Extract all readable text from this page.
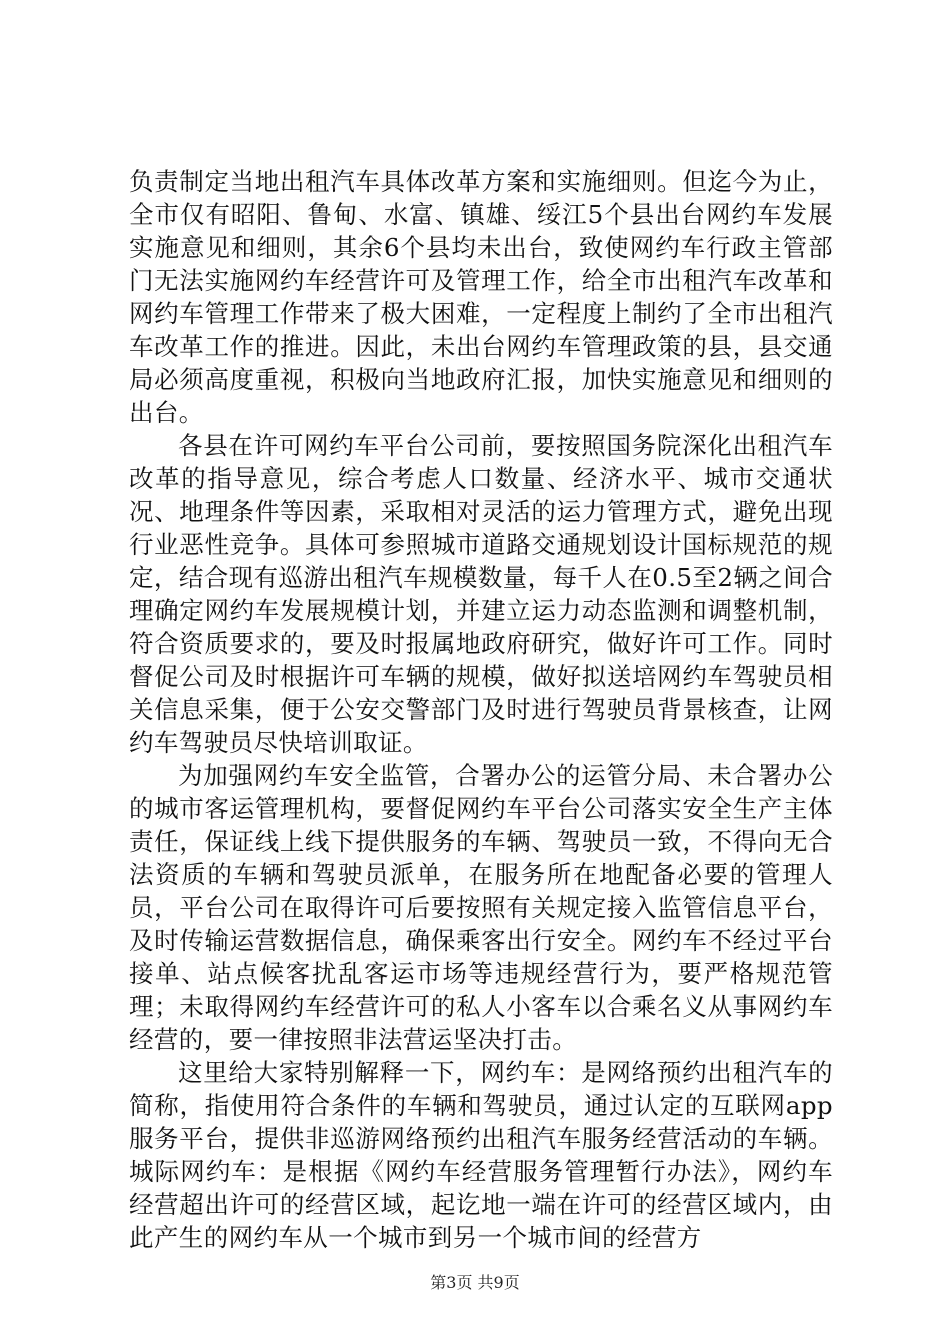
负责制定当地出租汽车具体改革方案和实施细则。但迄今为止，全市仅有昭阳、鲁甸、水富、镇雄、绥江5个县出台网约车发展实施意见和细则，其余6个县均未出台，致使网约车行政主管部门无法实施网约车经营许可及管理工作，给全市出租汽车改革和网约车管理工作带来了极大困难，一定程度上制约了全市出租汽车改革工作的推进。因此，未出台网约车管理政策的县，县交通局必须高度重视，积极向当地政府汇报，加快实施意见和细则的出台。

各县在许可网约车平台公司前，要按照国务院深化出租汽车改革的指导意见，综合考虑人口数量、经济水平、城市交通状况、地理条件等因素，采取相对灵活的运力管理方式，避免出现行业恶性竞争。具体可参照城市道路交通规划设计国标规范的规定，结合现有巡游出租汽车规模数量，每千人在0.5至2辆之间合理确定网约车发展规模计划，并建立运力动态监测和调整机制，符合资质要求的，要及时报属地政府研究，做好许可工作。同时督促公司及时根据许可车辆的规模，做好拟送培网约车驾驶员相关信息采集，便于公安交警部门及时进行驾驶员背景核查，让网约车驾驶员尽快培训取证。

为加强网约车安全监管，合署办公的运管分局、未合署办公的城市客运管理机构，要督促网约车平台公司落实安全生产主体责任，保证线上线下提供服务的车辆、驾驶员一致，不得向无合法资质的车辆和驾驶员派单，在服务所在地配备必要的管理人员，平台公司在取得许可后要按照有关规定接入监管信息平台，及时传输运营数据信息，确保乘客出行安全。网约车不经过平台接单、站点候客扰乱客运市场等违规经营行为，要严格规范管理；未取得网约车经营许可的私人小客车以合乘名义从事网约车经营的，要一律按照非法营运坚决打击。

这里给大家特别解释一下，网约车：是网络预约出租汽车的简称，指使用符合条件的车辆和驾驶员，通过认定的互联网app服务平台，提供非巡游网络预约出租汽车服务经营活动的车辆。城际网约车：是根据《网约车经营服务管理暂行办法》，网约车经营超出许可的经营区域，起讫地一端在许可的经营区域内，由此产生的网约车从一个城市到另一个城市间的经营方

第3页 共9页
